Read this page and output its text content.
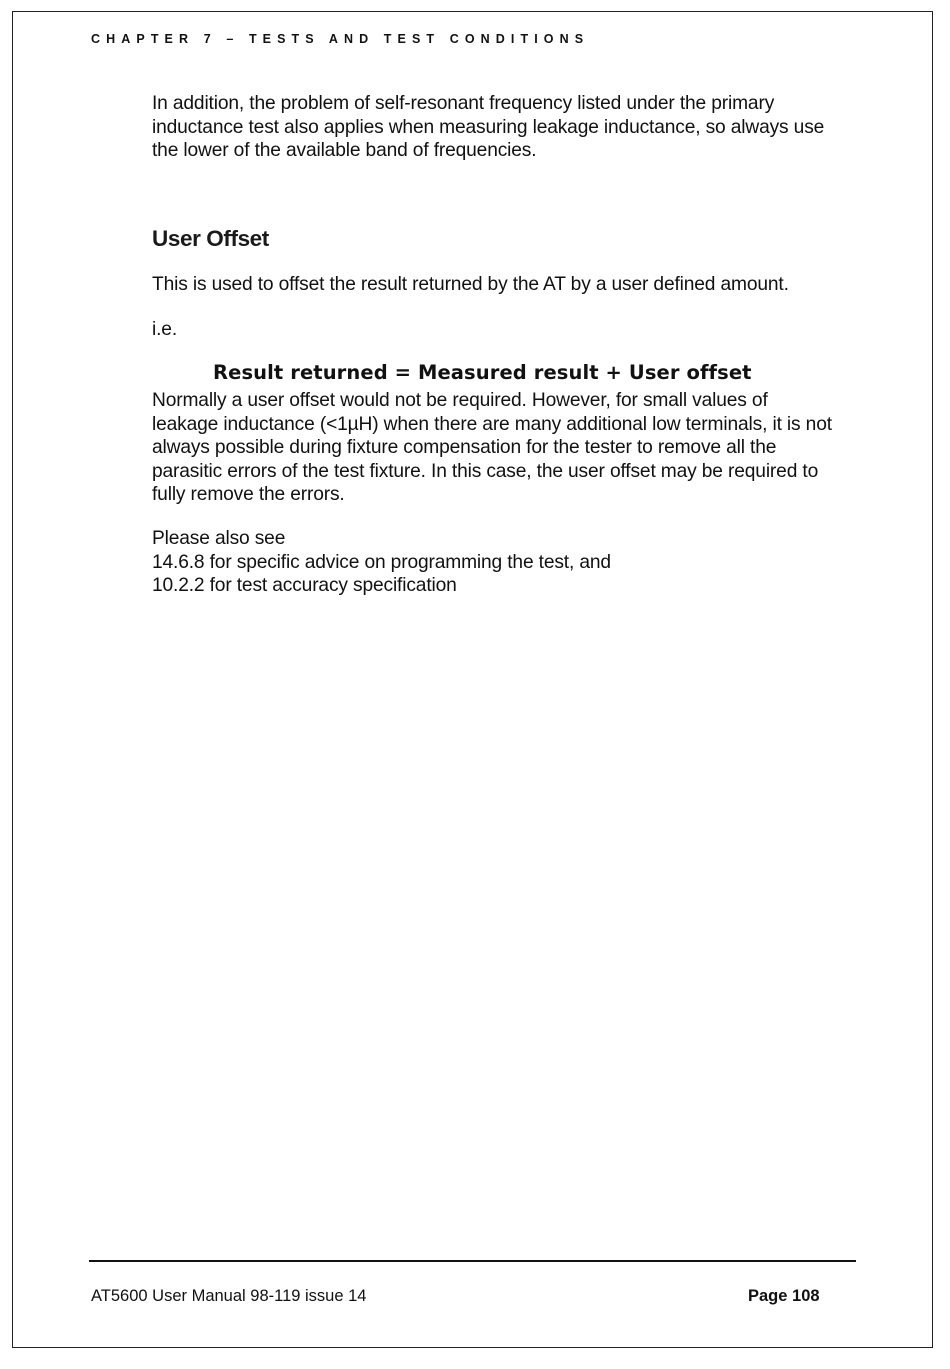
CHAPTER 7 – TESTS AND TEST CONDITIONS

In addition, the problem of self-resonant frequency listed under the primary
inductance test also applies when measuring leakage inductance, so always use
the lower of the available band of frequencies.

User Offset

This is used to offset the result returned by the AT by a user defined amount.

i.e.

Result returned = Measured result + User offset

Normally a user offset would not be required. However, for small values of
leakage inductance (<1µH) when there are many additional low terminals, it is not
always possible during fixture compensation for the tester to remove all the
parasitic errors of the test fixture. In this case, the user offset may be required to
fully remove the errors.

Please also see
14.6.8 for specific advice on programming the test, and
10.2.2 for test accuracy specification

AT5600 User Manual 98-119 issue 14	Page 108
